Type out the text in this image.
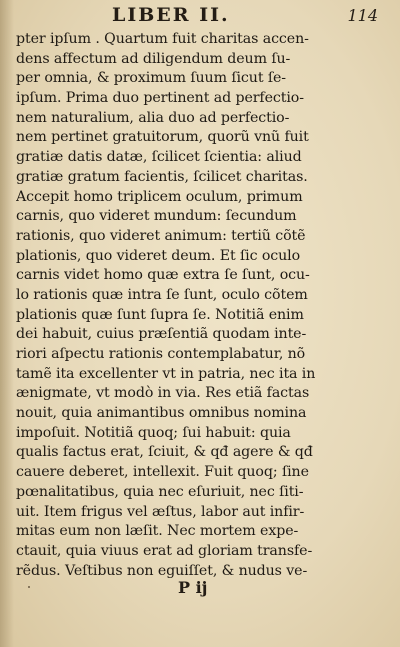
LIBER II.	114
pter ipſum . Quartum fuit charitas accen-
dens affectum ad diligendum deum ſu-
per omnia, & proximum ſuum ſicut ſe-
ipſum. Prima duo pertinent ad perfectio-
nem naturalium, alia duo ad perfectio-
nem pertinet gratuitorum, quorũ vnũ fuit
gratiæ datis datæ, ſcilicet ſcientia: aliud
gratiæ gratum facientis, ſcilicet charitas.
Accepit homo triplicem oculum, primum
carnis, quo videret mundum: ſecundum
rationis, quo videret animum: tertiũ cõtẽ
plationis, quo videret deum. Et ſic oculo
carnis videt homo quæ extra ſe ſunt, ocu-
lo rationis quæ intra ſe ſunt, oculo cõtem
plationis quæ ſunt ſupra ſe. Notitiã enim
dei habuit, cuius præſentiã quodam inte-
riori aſpectu rationis contemplabatur, nõ
tamẽ ita excellenter vt in patria, nec ita in
ænigmate, vt modò in via. Res etiã factas
nouit, quia animantibus omnibus nomina
impoſuit. Notitiã quoq; ſui habuit: quia
qualis factus erat, ſciuit, & qđ agere & qđ
cauere deberet, intellexit. Fuit quoq; ſine
pœnalitatibus, quia nec eſuriuit, nec ſiti-
uit. Item frigus vel æſtus, labor aut infir-
mitas eum non læſit. Nec mortem expe-
ctauit, quia viuus erat ad gloriam transfe-
rẽdus. Veſtibus non eguiſſet, & nudus ve-
P ij
